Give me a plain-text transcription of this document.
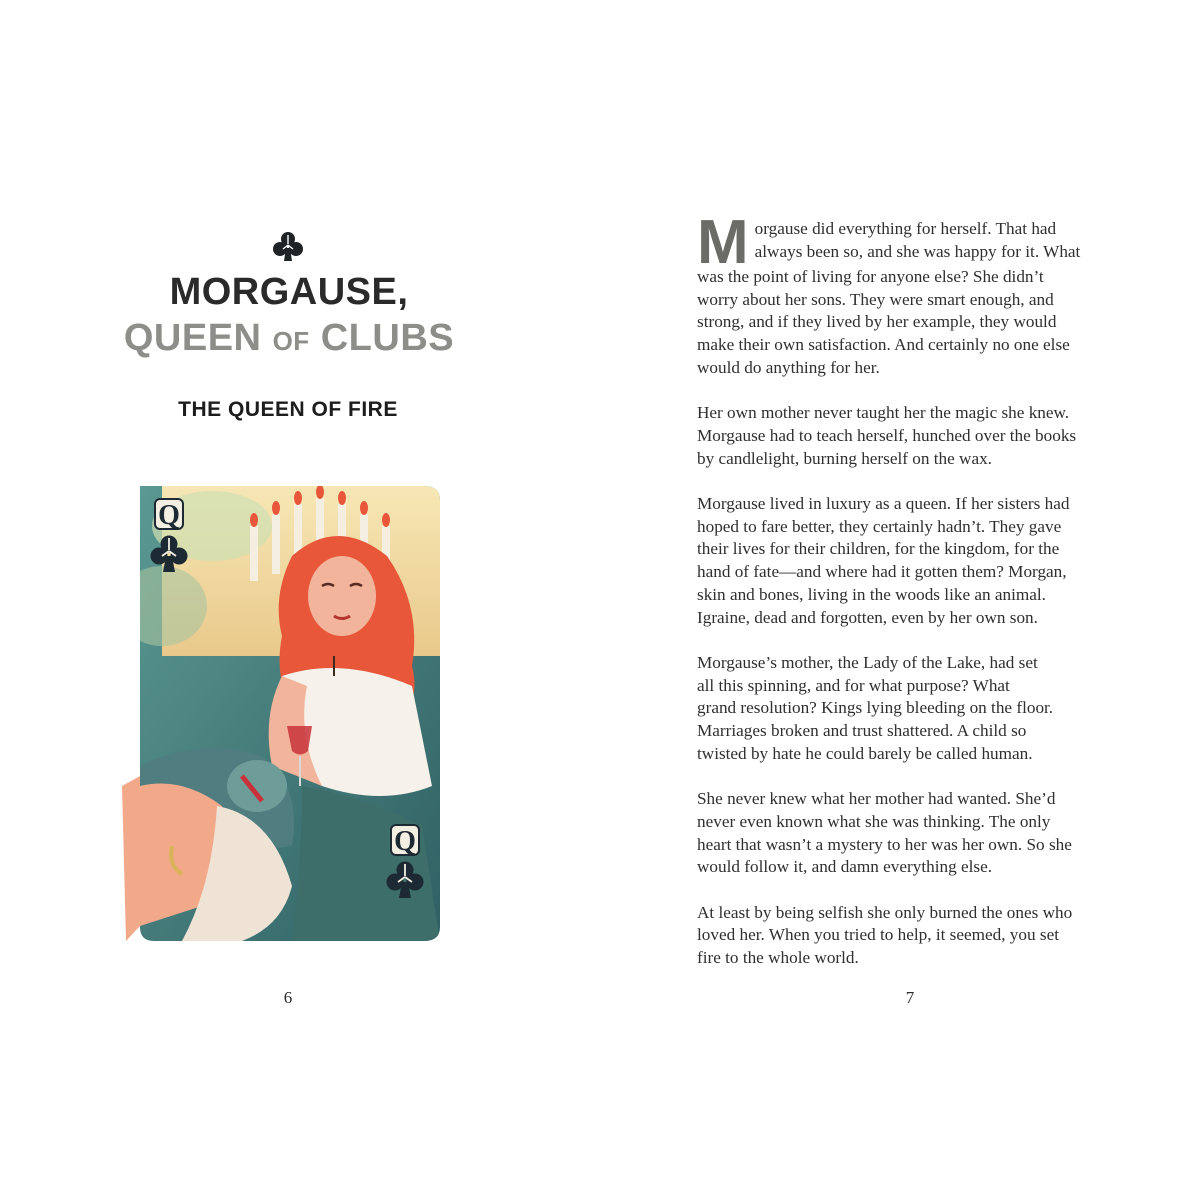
MORGAUSE,
QUEEN OF CLUBS
THE QUEEN OF FIRE
Q
Q
6

M orgause did everything for herself. That had
always been so, and she was happy for it. What
was the point of living for anyone else? She didn’t
worry about her sons. They were smart enough, and
strong, and if they lived by her example, they would
make their own satisfaction. And certainly no one else
would do anything for her.

Her own mother never taught her the magic she knew.
Morgause had to teach herself, hunched over the books
by candlelight, burning herself on the wax.

Morgause lived in luxury as a queen. If her sisters had
hoped to fare better, they certainly hadn’t. They gave
their lives for their children, for the kingdom, for the
hand of fate—and where had it gotten them? Morgan,
skin and bones, living in the woods like an animal.
Igraine, dead and forgotten, even by her own son.

Morgause’s mother, the Lady of the Lake, had set
all this spinning, and for what purpose? What
grand resolution? Kings lying bleeding on the floor.
Marriages broken and trust shattered. A child so
twisted by hate he could barely be called human.

She never knew what her mother had wanted. She’d
never even known what she was thinking. The only
heart that wasn’t a mystery to her was her own. So she
would follow it, and damn everything else.

At least by being selfish she only burned the ones who
loved her. When you tried to help, it seemed, you set
fire to the whole world.

7
